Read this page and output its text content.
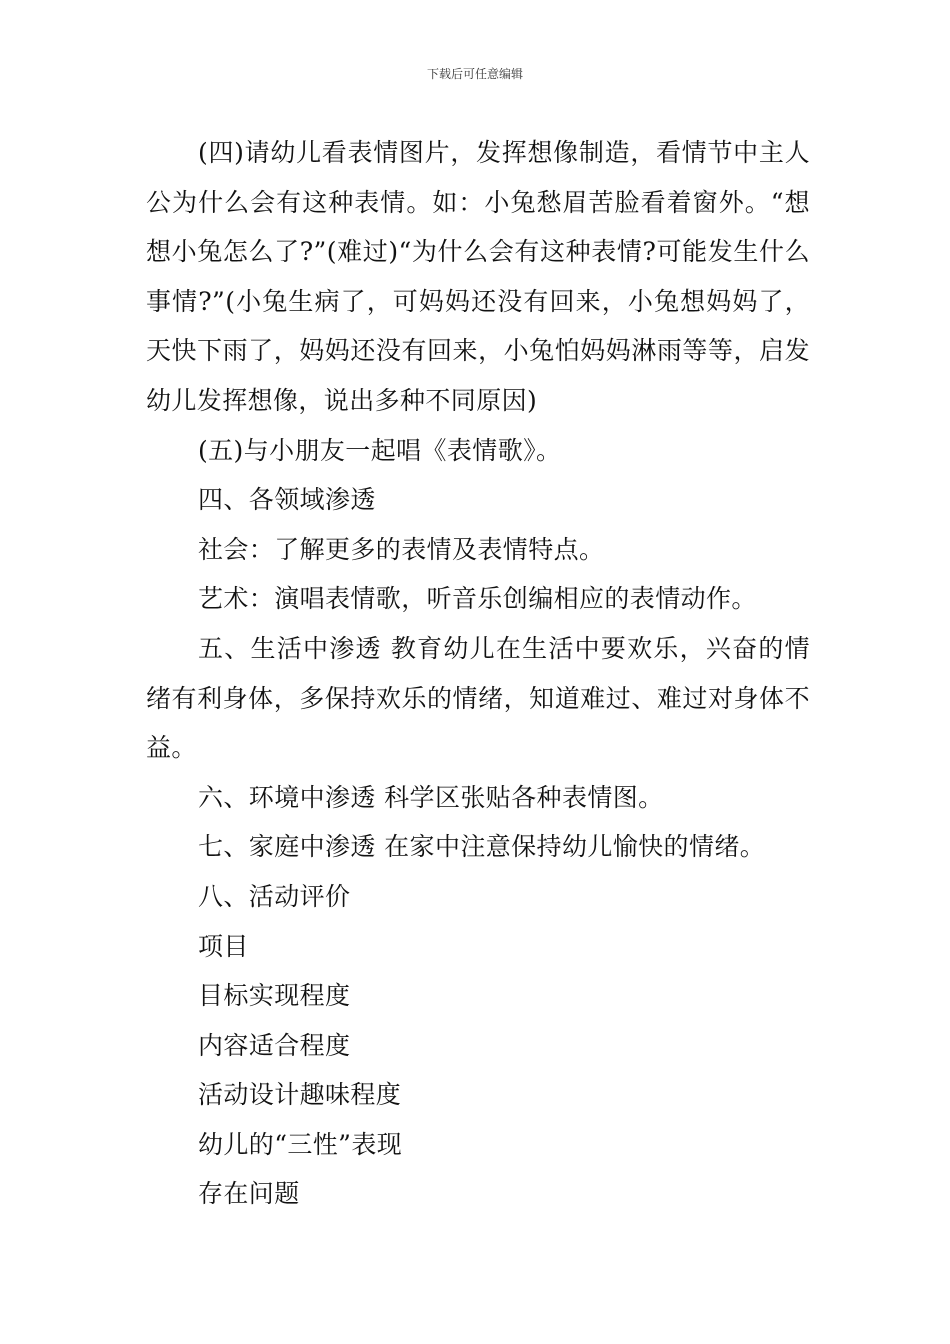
下载后可任意编辑

(四)请幼儿看表情图片，发挥想像制造，看情节中主人公为什么会有这种表情。如：小兔愁眉苦脸看着窗外。“想想小兔怎么了?”(难过)“为什么会有这种表情?可能发生什么事情?”(小兔生病了，可妈妈还没有回来，小兔想妈妈了，天快下雨了，妈妈还没有回来，小兔怕妈妈淋雨等等，启发幼儿发挥想像，说出多种不同原因)

(五)与小朋友一起唱《表情歌》。

四、各领域渗透

社会：了解更多的表情及表情特点。

艺术：演唱表情歌，听音乐创编相应的表情动作。

五、生活中渗透 教育幼儿在生活中要欢乐，兴奋的情绪有利身体，多保持欢乐的情绪，知道难过、难过对身体不益。

六、环境中渗透 科学区张贴各种表情图。

七、家庭中渗透 在家中注意保持幼儿愉快的情绪。

八、活动评价

项目

目标实现程度

内容适合程度

活动设计趣味程度

幼儿的“三性”表现

存在问题
